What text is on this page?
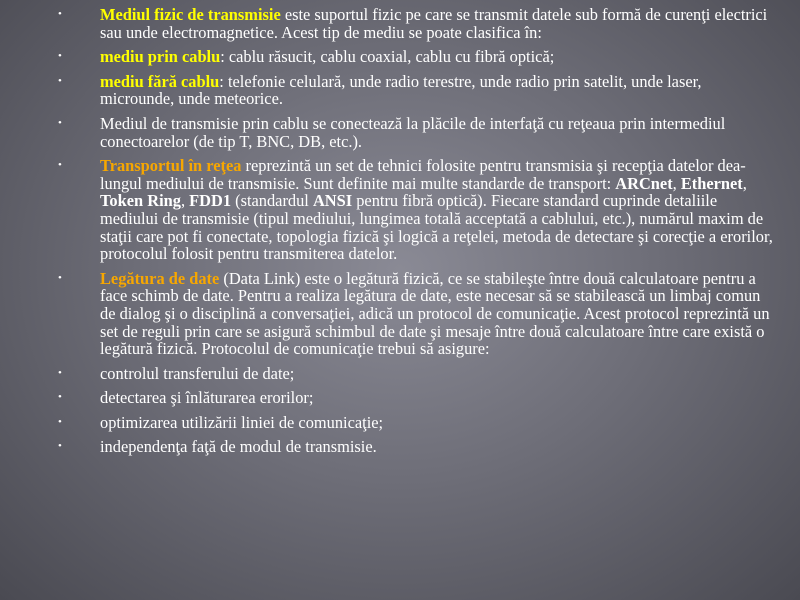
• Mediul fizic de transmisie este suportul fizic pe care se transmit datele sub formă de curenţi electrici sau unde electromagnetice. Acest tip de mediu se poate clasifica în:
• mediu prin cablu: cablu răsucit, cablu coaxial, cablu cu fibră optică;
• mediu fără cablu: telefonie celulară, unde radio terestre, unde radio prin satelit, unde laser, microunde, unde meteorice.
• Mediul de transmisie prin cablu se conectează la plăcile de interfaţă cu reţeaua prin intermediul conectoarelor (de tip T, BNC, DB, etc.).
• Transportul în reţea reprezintă un set de tehnici folosite pentru transmisia şi recepţia datelor dea-lungul mediului de transmisie. Sunt definite mai multe standarde de transport: ARCnet, Ethernet, Token Ring, FDD1 (standardul ANSI pentru fibră optică). Fiecare standard cuprinde detaliile mediului de transmisie (tipul mediului, lungimea totală acceptată a cablului, etc.), numărul maxim de staţii care pot fi conectate, topologia fizică şi logică a reţelei, metoda de detectare şi corecţie a erorilor, protocolul folosit pentru transmiterea datelor.
• Legătura de date (Data Link) este o legătură fizică, ce se stabileşte între două calculatoare pentru a face schimb de date. Pentru a realiza legătura de date, este necesar să se stabilească un limbaj comun de dialog şi o disciplină a conversaţiei, adică un protocol de comunicaţie. Acest protocol reprezintă un set de reguli prin care se asigură schimbul de date şi mesaje între două calculatoare între care există o legătură fizică. Protocolul de comunicaţie trebui să asigure:
• controlul transferului de date;
• detectarea şi înlăturarea erorilor;
• optimizarea utilizării liniei de comunicaţie;
• independenţa faţă de modul de transmisie.
